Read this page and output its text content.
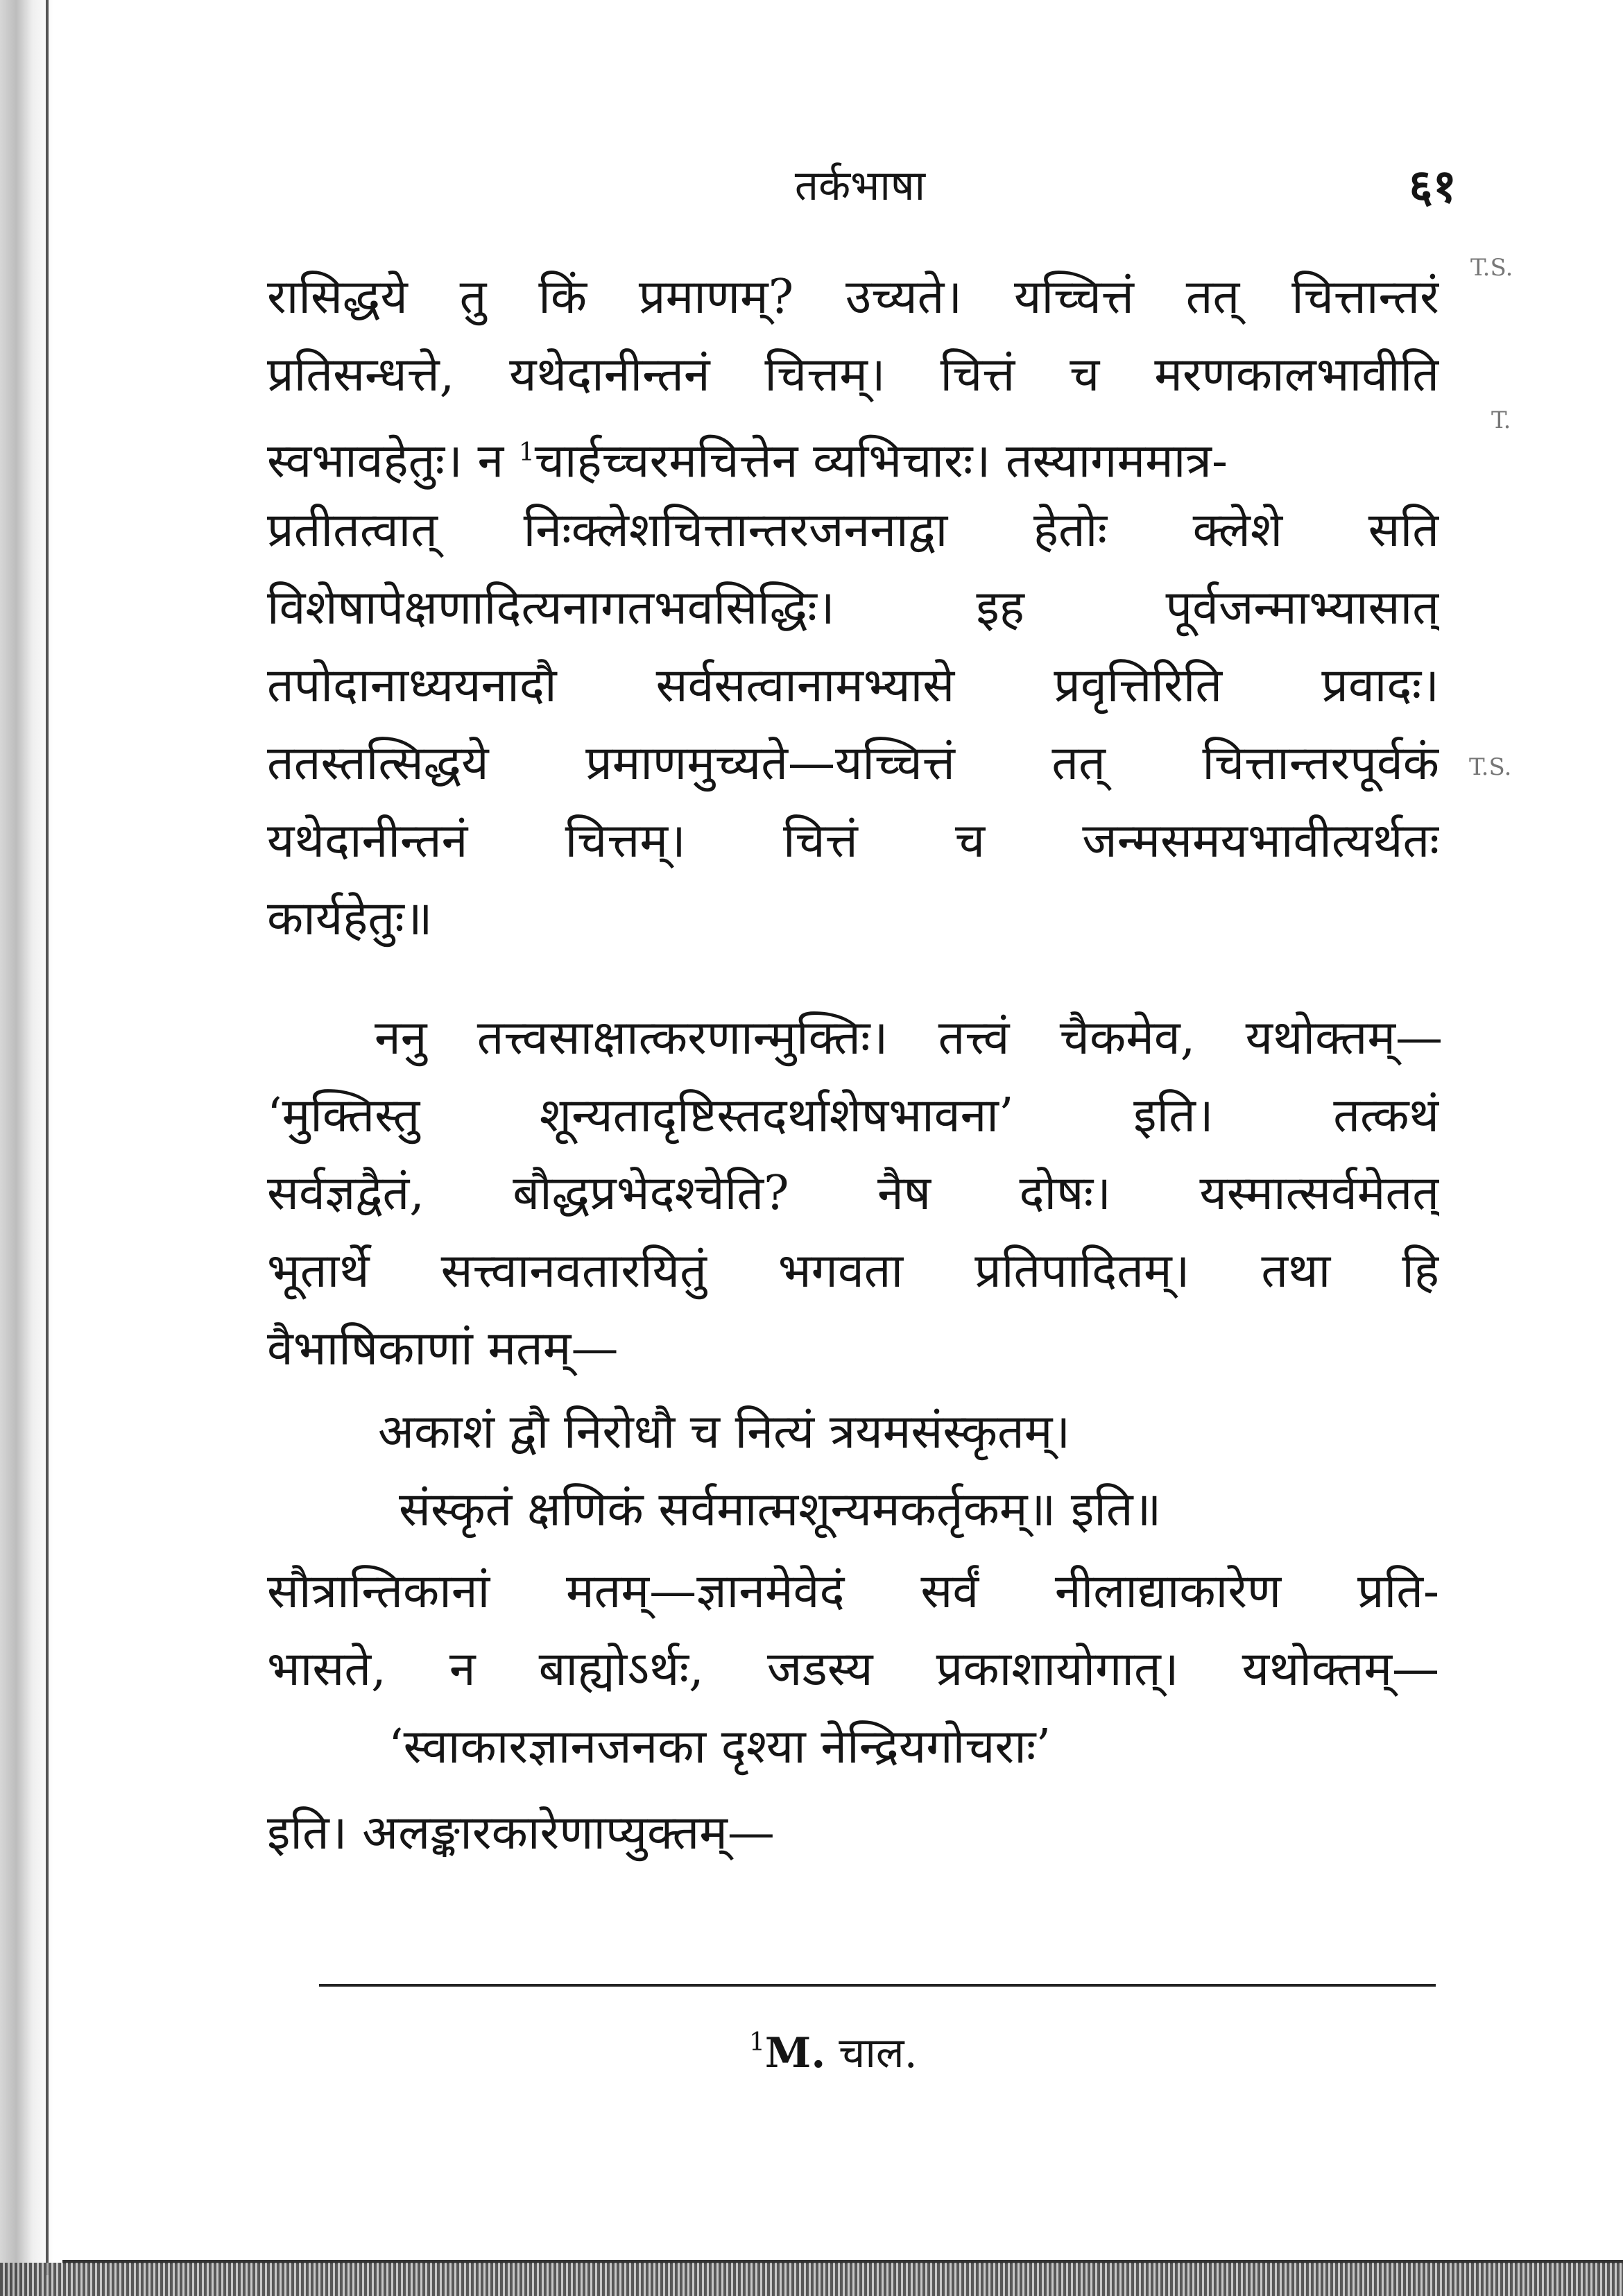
तर्कभाषा	६१
T.S.
T.
T.S.
रासिद्धये तु किं प्रमाणम्? उच्यते। यच्चित्तं तत् चित्तान्तरं
प्रतिसन्धत्ते, यथेदानीन्तनं चित्तम्। चित्तं च मरणकालभावीति
स्वभावहेतुः। न $^1$चार्हच्चरमचित्तेन व्यभिचारः। तस्यागममात्र-
प्रतीतत्वात् निःक्लेशचित्तान्तरजननाद्वा हेतोः क्लेशे सति
विशेषापेक्षणादित्यनागतभवसिद्धिः। इह पूर्वजन्माभ्यासात्
तपोदानाध्ययनादौ सर्वसत्वानामभ्यासे प्रवृत्तिरिति प्रवादः।
ततस्तत्सिद्धये प्रमाणमुच्यते—यच्चित्तं तत् चित्तान्तरपूर्वकं
यथेदानीन्तनं चित्तम्। चित्तं च जन्मसमयभावीत्यर्थतः
कार्यहेतुः॥
ननु तत्त्वसाक्षात्करणान्मुक्तिः। तत्त्वं चैकमेव, यथोक्तम्—
‘मुक्तिस्तु शून्यतादृष्टिस्तदर्थाशेषभावना’ इति। तत्कथं
सर्वज्ञद्वैतं, बौद्धप्रभेदश्चेति? नैष दोषः। यस्मात्सर्वमेतत्
भूतार्थे सत्त्वानवतारयितुं भगवता प्रतिपादितम्। तथा हि
वैभाषिकाणां मतम्—
अकाशं द्वौ निरोधौ च नित्यं त्रयमसंस्कृतम्।
संस्कृतं क्षणिकं सर्वमात्मशून्यमकर्तृकम्॥ इति॥
सौत्रान्तिकानां मतम्—ज्ञानमेवेदं सर्वं नीलाद्याकारेण प्रति-
भासते, न बाह्योऽर्थः, जडस्य प्रकाशायोगात्। यथोक्तम्—
‘स्वाकारज्ञानजनका दृश्या नेन्द्रियगोचराः’
इति। अलङ्कारकारेणाप्युक्तम्—
$^1$M. चाल.
